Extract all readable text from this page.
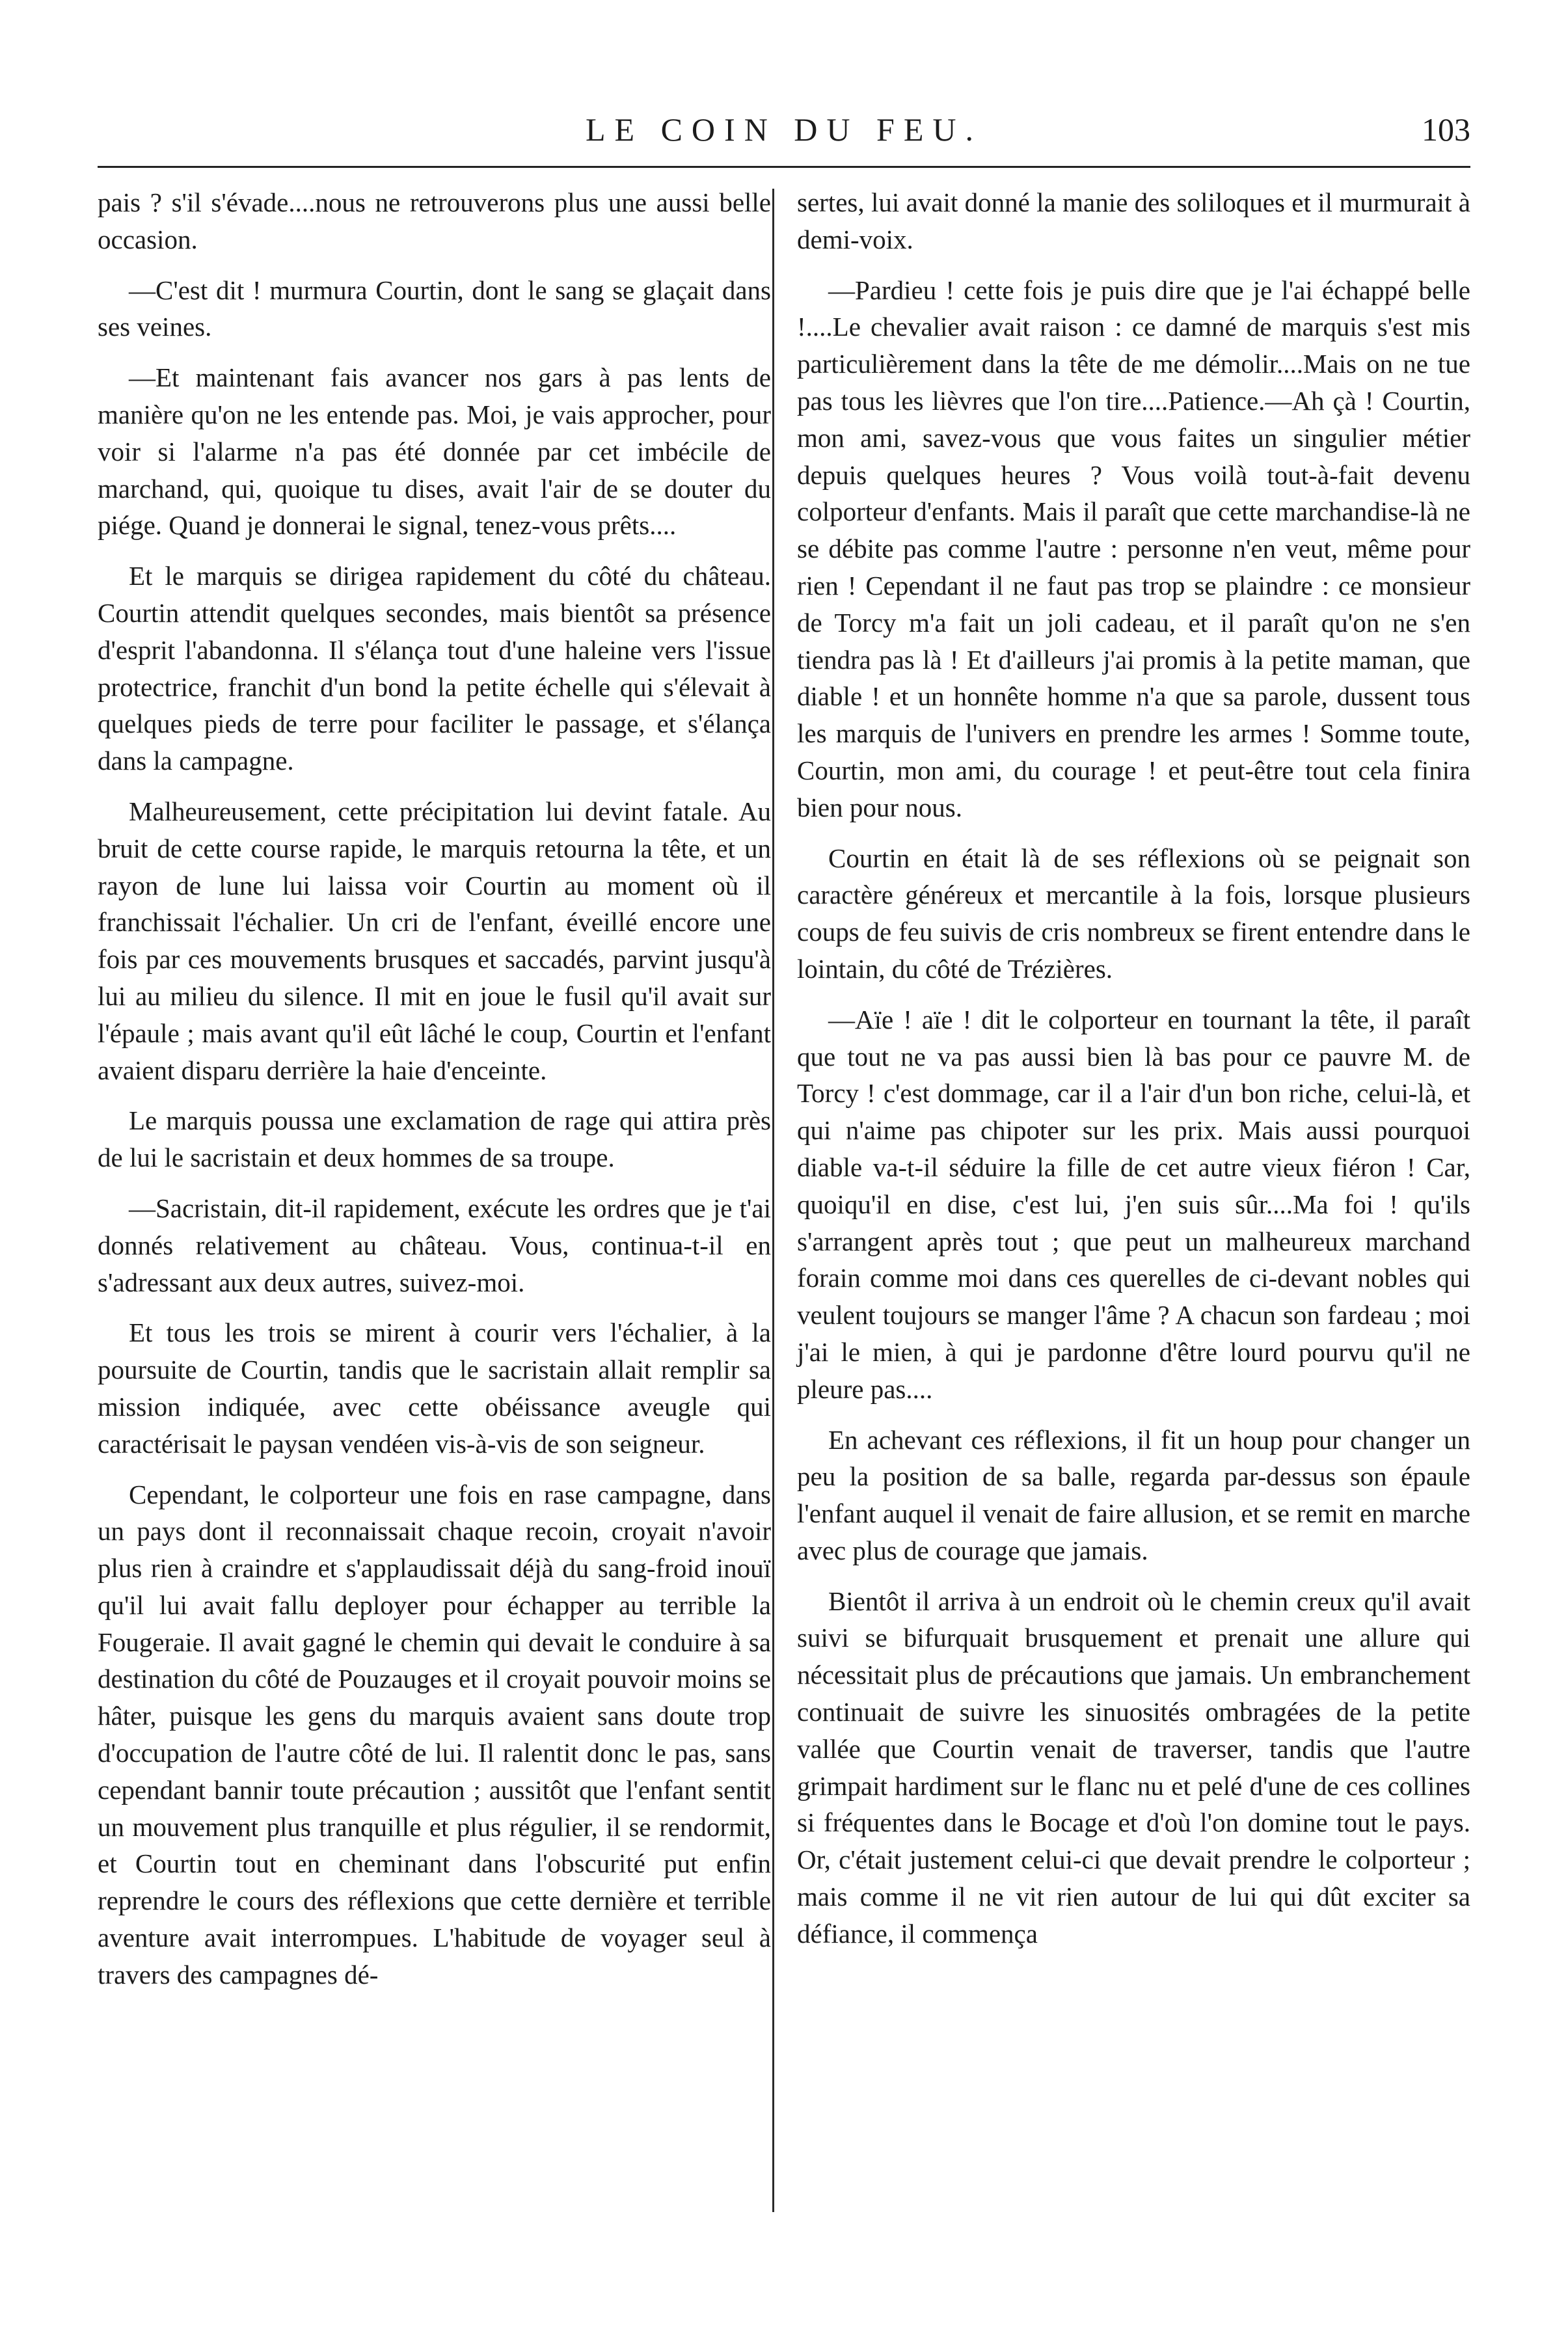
LE COIN DU FEU.	103

pais ? s'il s'évade....nous ne retrouverons plus une aussi belle occasion.

—C'est dit ! murmura Courtin, dont le sang se glaçait dans ses veines.

—Et maintenant fais avancer nos gars à pas lents de manière qu'on ne les entende pas. Moi, je vais approcher, pour voir si l'alarme n'a pas été donnée par cet imbécile de marchand, qui, quoique tu dises, avait l'air de se douter du piége. Quand je donnerai le signal, tenez-vous prêts....

Et le marquis se dirigea rapidement du côté du château. Courtin attendit quelques secondes, mais bientôt sa présence d'esprit l'abandonna. Il s'élança tout d'une haleine vers l'issue protectrice, franchit d'un bond la petite échelle qui s'élevait à quelques pieds de terre pour faciliter le passage, et s'élança dans la campagne.

Malheureusement, cette précipitation lui devint fatale. Au bruit de cette course rapide, le marquis retourna la tête, et un rayon de lune lui laissa voir Courtin au moment où il franchissait l'échalier. Un cri de l'enfant, éveillé encore une fois par ces mouvements brusques et saccadés, parvint jusqu'à lui au milieu du silence. Il mit en joue le fusil qu'il avait sur l'épaule ; mais avant qu'il eût lâché le coup, Courtin et l'enfant avaient disparu derrière la haie d'enceinte.

Le marquis poussa une exclamation de rage qui attira près de lui le sacristain et deux hommes de sa troupe.

—Sacristain, dit-il rapidement, exécute les ordres que je t'ai donnés relativement au château. Vous, continua-t-il en s'adressant aux deux autres, suivez-moi.

Et tous les trois se mirent à courir vers l'échalier, à la poursuite de Courtin, tandis que le sacristain allait remplir sa mission indiquée, avec cette obéissance aveugle qui caractérisait le paysan vendéen vis-à-vis de son seigneur.

Cependant, le colporteur une fois en rase campagne, dans un pays dont il reconnaissait chaque recoin, croyait n'avoir plus rien à craindre et s'applaudissait déjà du sang-froid inouï qu'il lui avait fallu deployer pour échapper au terrible la Fougeraie. Il avait gagné le chemin qui devait le conduire à sa destination du côté de Pouzauges et il croyait pouvoir moins se hâter, puisque les gens du marquis avaient sans doute trop d'occupation de l'autre côté de lui. Il ralentit donc le pas, sans cependant bannir toute précaution ; aussitôt que l'enfant sentit un mouvement plus tranquille et plus régulier, il se rendormit, et Courtin tout en cheminant dans l'obscurité put enfin reprendre le cours des réflexions que cette dernière et terrible aventure avait interrompues. L'habitude de voyager seul à travers des campagnes dé-

sertes, lui avait donné la manie des soliloques et il murmurait à demi-voix.

—Pardieu ! cette fois je puis dire que je l'ai échappé belle !....Le chevalier avait raison : ce damné de marquis s'est mis particulièrement dans la tête de me démolir....Mais on ne tue pas tous les lièvres que l'on tire....Patience.—Ah çà ! Courtin, mon ami, savez-vous que vous faites un singulier métier depuis quelques heures ? Vous voilà tout-à-fait devenu colporteur d'enfants. Mais il paraît que cette marchandise-là ne se débite pas comme l'autre : personne n'en veut, même pour rien ! Cependant il ne faut pas trop se plaindre : ce monsieur de Torcy m'a fait un joli cadeau, et il paraît qu'on ne s'en tiendra pas là ! Et d'ailleurs j'ai promis à la petite maman, que diable ! et un honnête homme n'a que sa parole, dussent tous les marquis de l'univers en prendre les armes ! Somme toute, Courtin, mon ami, du courage ! et peut-être tout cela finira bien pour nous.

Courtin en était là de ses réflexions où se peignait son caractère généreux et mercantile à la fois, lorsque plusieurs coups de feu suivis de cris nombreux se firent entendre dans le lointain, du côté de Trézières.

—Aïe ! aïe ! dit le colporteur en tournant la tête, il paraît que tout ne va pas aussi bien là bas pour ce pauvre M. de Torcy ! c'est dommage, car il a l'air d'un bon riche, celui-là, et qui n'aime pas chipoter sur les prix. Mais aussi pourquoi diable va-t-il séduire la fille de cet autre vieux fiéron ! Car, quoiqu'il en dise, c'est lui, j'en suis sûr....Ma foi ! qu'ils s'arrangent après tout ; que peut un malheureux marchand forain comme moi dans ces querelles de ci-devant nobles qui veulent toujours se manger l'âme ? A chacun son fardeau ; moi j'ai le mien, à qui je pardonne d'être lourd pourvu qu'il ne pleure pas....

En achevant ces réflexions, il fit un houp pour changer un peu la position de sa balle, regarda par-dessus son épaule l'enfant auquel il venait de faire allusion, et se remit en marche avec plus de courage que jamais.

Bientôt il arriva à un endroit où le chemin creux qu'il avait suivi se bifurquait brusquement et prenait une allure qui nécessitait plus de précautions que jamais. Un embranchement continuait de suivre les sinuosités ombragées de la petite vallée que Courtin venait de traverser, tandis que l'autre grimpait hardiment sur le flanc nu et pelé d'une de ces collines si fréquentes dans le Bocage et d'où l'on domine tout le pays. Or, c'était justement celui-ci que devait prendre le colporteur ; mais comme il ne vit rien autour de lui qui dût exciter sa défiance, il commença
